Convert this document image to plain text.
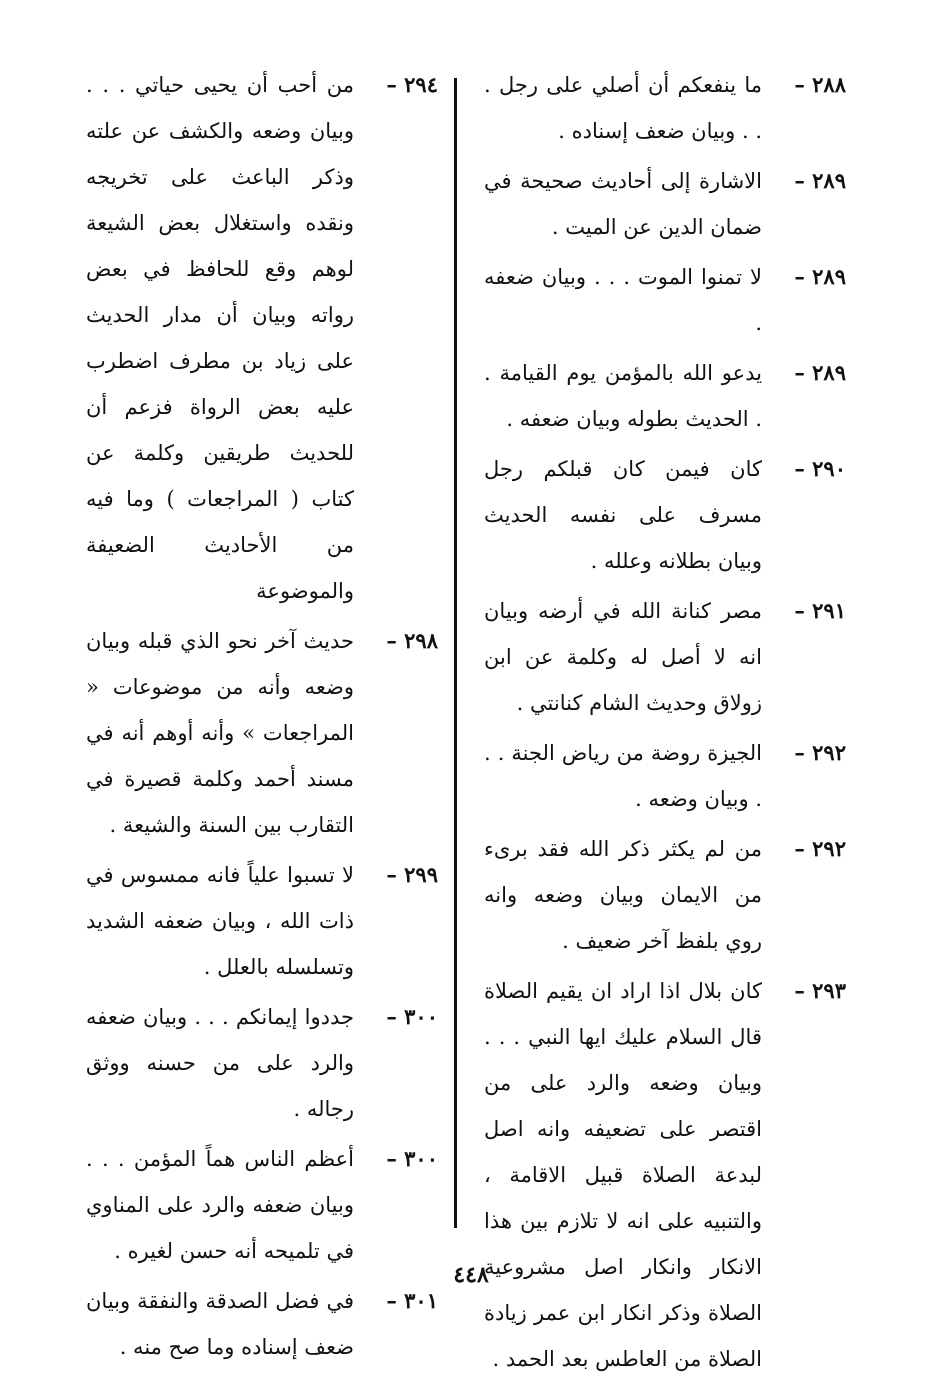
٢٨٨ –
ما ينفعكم أن أصلي على رجل . . . وبيان ضعف إسناده .
٢٨٩ –
الاشارة إلى أحاديث صحيحة في ضمان الدين عن الميت .
٢٨٩ –
لا تمنوا الموت . . . وبيان ضعفه .
٢٨٩ –
يدعو الله بالمؤمن يوم القيامة . . الحديث بطوله وبيان ضعفه .
٢٩٠ –
كان فيمن كان قبلكم رجل مسرف على نفسه الحديث وبيان بطلانه وعلله .
٢٩١ –
مصر كنانة الله في أرضه وبيان انه لا أصل له وكلمة عن ابن زولاق وحديث الشام كنانتي .
٢٩٢ –
الجيزة روضة من رياض الجنة . . . وبيان وضعه .
٢٩٢ –
من لم يكثر ذكر الله فقد برىء من الايمان وبيان وضعه وانه روي بلفظ آخر ضعيف .
٢٩٣ –
كان بلال اذا اراد ان يقيم الصلاة قال السلام عليك ايها النبي . . . وبيان وضعه والرد على من اقتصر على تضعيفه وانه اصل لبدعة الصلاة قبيل الاقامة ، والتنبيه على انه لا تلازم بين هذا الانكار وانكار اصل مشروعية الصلاة وذكر انكار ابن عمر زيادة الصلاة من العاطس بعد الحمد .
٢٩٤ –
من أحب أن يحيى حياتي . . . وبيان وضعه والكشف عن علته وذكر الباعث على تخريجه ونقده واستغلال بعض الشيعة لوهم وقع للحافظ في بعض رواته وبيان أن مدار الحديث على زياد بن مطرف اضطرب عليه بعض الرواة فزعم أن للحديث طريقين وكلمة عن كتاب ( المراجعات ) وما فيه من الأحاديث الضعيفة والموضوعة
٢٩٨ –
حديث آخر نحو الذي قبله وبيان وضعه وأنه من موضوعات « المراجعات » وأنه أوهم أنه في مسند أحمد وكلمة قصيرة في التقارب بين السنة والشيعة .
٢٩٩ –
لا تسبوا علياً فانه ممسوس في ذات الله ، وبيان ضعفه الشديد وتسلسله بالعلل .
٣٠٠ –
جددوا إيمانكم . . . وبيان ضعفه والرد على من حسنه ووثق رجاله .
٣٠٠ –
أعظم الناس هماً المؤمن . . . وبيان ضعفه والرد على المناوي في تلميحه أنه حسن لغيره .
٣٠١ –
في فضل الصدقة والنفقة وبيان ضعف إسناده وما صح منه .
٤٤٨
